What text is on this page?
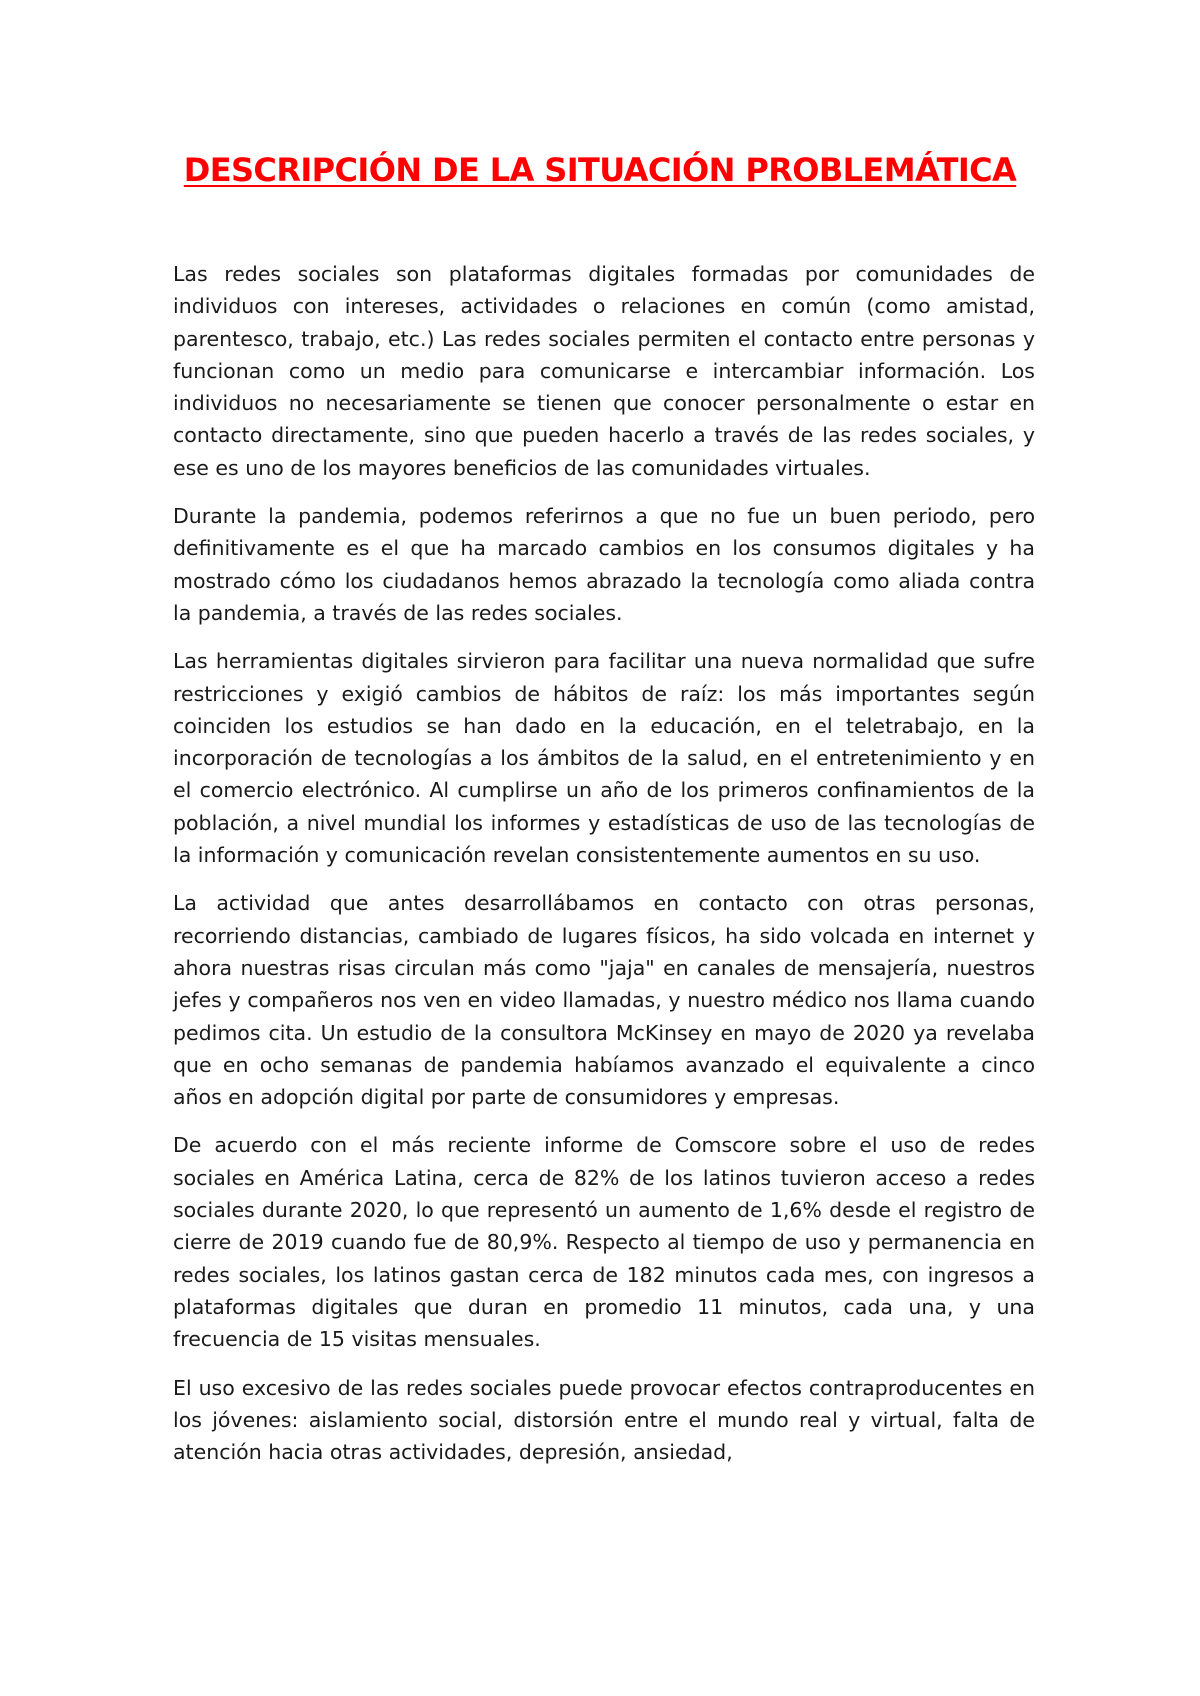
DESCRIPCIÓN DE LA SITUACIÓN PROBLEMÁTICA

Las redes sociales son plataformas digitales formadas por comunidades de individuos con intereses, actividades o relaciones en común (como amistad, parentesco, trabajo, etc.) Las redes sociales permiten el contacto entre personas y funcionan como un medio para comunicarse e intercambiar información. Los individuos no necesariamente se tienen que conocer personalmente o estar en contacto directamente, sino que pueden hacerlo a través de las redes sociales, y ese es uno de los mayores beneficios de las comunidades virtuales.

Durante la pandemia, podemos referirnos a que no fue un buen periodo, pero definitivamente es el que ha marcado cambios en los consumos digitales y ha mostrado cómo los ciudadanos hemos abrazado la tecnología como aliada contra la pandemia, a través de las redes sociales.

Las herramientas digitales sirvieron para facilitar una nueva normalidad que sufre restricciones y exigió cambios de hábitos de raíz: los más importantes según coinciden los estudios se han dado en la educación, en el teletrabajo, en la incorporación de tecnologías a los ámbitos de la salud, en el entretenimiento y en el comercio electrónico. Al cumplirse un año de los primeros confinamientos de la población, a nivel mundial los informes y estadísticas de uso de las tecnologías de la información y comunicación revelan consistentemente aumentos en su uso.

La actividad que antes desarrollábamos en contacto con otras personas, recorriendo distancias, cambiado de lugares físicos, ha sido volcada en internet y ahora nuestras risas circulan más como "jaja" en canales de mensajería, nuestros jefes y compañeros nos ven en video llamadas, y nuestro médico nos llama cuando pedimos cita. Un estudio de la consultora McKinsey en mayo de 2020 ya revelaba que en ocho semanas de pandemia habíamos avanzado el equivalente a cinco años en adopción digital por parte de consumidores y empresas.

De acuerdo con el más reciente informe de Comscore sobre el uso de redes sociales en América Latina, cerca de 82% de los latinos tuvieron acceso a redes sociales durante 2020, lo que representó un aumento de 1,6% desde el registro de cierre de 2019 cuando fue de 80,9%. Respecto al tiempo de uso y permanencia en redes sociales, los latinos gastan cerca de 182 minutos cada mes, con ingresos a plataformas digitales que duran en promedio 11 minutos, cada una, y una frecuencia de 15 visitas mensuales.

El uso excesivo de las redes sociales puede provocar efectos contraproducentes en los jóvenes: aislamiento social, distorsión entre el mundo real y virtual, falta de atención hacia otras actividades, depresión, ansiedad,
